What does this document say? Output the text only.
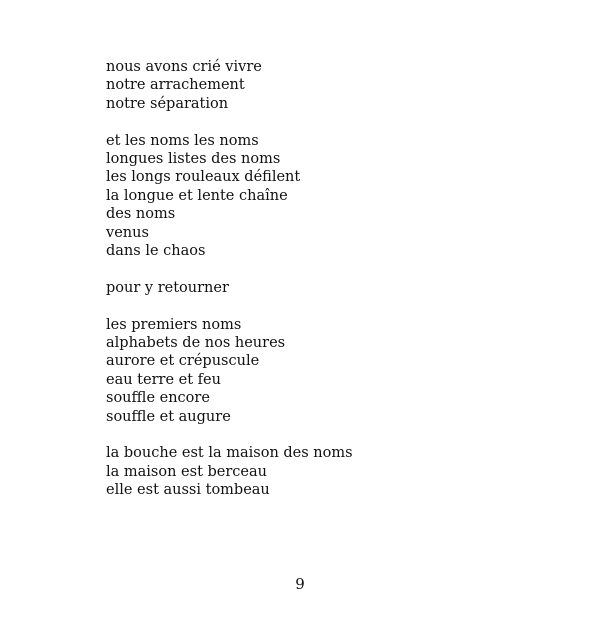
nous avons crié vivre
notre arrachement
notre séparation
et les noms les noms
longues listes des noms
les longs rouleaux défilent
la longue et lente chaîne
des noms
venus
dans le chaos
pour y retourner
les premiers noms
alphabets de nos heures
aurore et crépuscule
eau terre et feu
souffle encore
souffle et augure
la bouche est la maison des noms
la maison est berceau
elle est aussi tombeau
9
